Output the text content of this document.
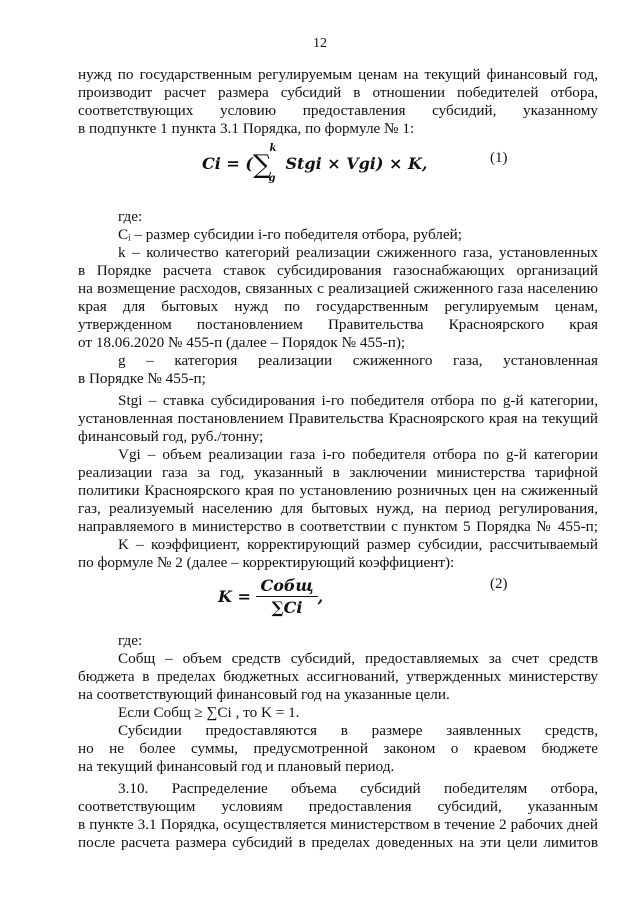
12
нужд по государственным регулируемым ценам на текущий финансовый год,
производит расчет размера субсидий в отношении победителей отбора,
соответствующих условию предоставления субсидий, указанному
в подпункте 1 пункта 3.1 Порядка, по формуле № 1:
Ci = (∑$^k_g$Stgi × Vgi) × K,	(1)
где:
Cᵢ – размер субсидии i-го победителя отбора, рублей;
k – количество категорий реализации сжиженного газа, установленных
в Порядке расчета ставок субсидирования газоснабжающих организаций
на возмещение расходов, связанных с реализацией сжиженного газа населению
края для бытовых нужд по государственным регулируемым ценам,
утвержденном постановлением Правительства Красноярского края
от 18.06.2020 № 455-п (далее – Порядок № 455-п);
g – категория реализации сжиженного газа, установленная
в Порядке № 455-п;
Stgi – ставка субсидирования i-го победителя отбора по g-й категории,
установленная постановлением Правительства Красноярского края на текущий
финансовый год, руб./тонну;
Vgi – объем реализации газа i-го победителя отбора по g-й категории
реализации газа за год, указанный в заключении министерства тарифной
политики Красноярского края по установлению розничных цен на сжиженный
газ, реализуемый населению для бытовых нужд, на период регулирования,
направляемого в министерство в соответствии с пунктом 5 Порядка № 455-п;
K – коэффициент, корректирующий размер субсидии, рассчитываемый
по формуле № 2 (далее – корректирующий коэффициент):
$K = \frac{\text{Cобщ}}{\sum Ci}$ ,
(2)
где:
Cобщ – объем средств субсидий, предоставляемых за счет средств
бюджета в пределах бюджетных ассигнований, утвержденных министерству
на соответствующий финансовый год на указанные цели.
Если Cобщ ≥ ∑Ci , то K = 1.
Субсидии предоставляются в размере заявленных средств,
но не более суммы, предусмотренной законом о краевом бюджете
на текущий финансовый год и плановый период.
3.10. Распределение объема субсидий победителям отбора,
соответствующим условиям предоставления субсидий, указанным
в пункте 3.1 Порядка, осуществляется министерством в течение 2 рабочих дней
после расчета размера субсидий в пределах доведенных на эти цели лимитов
